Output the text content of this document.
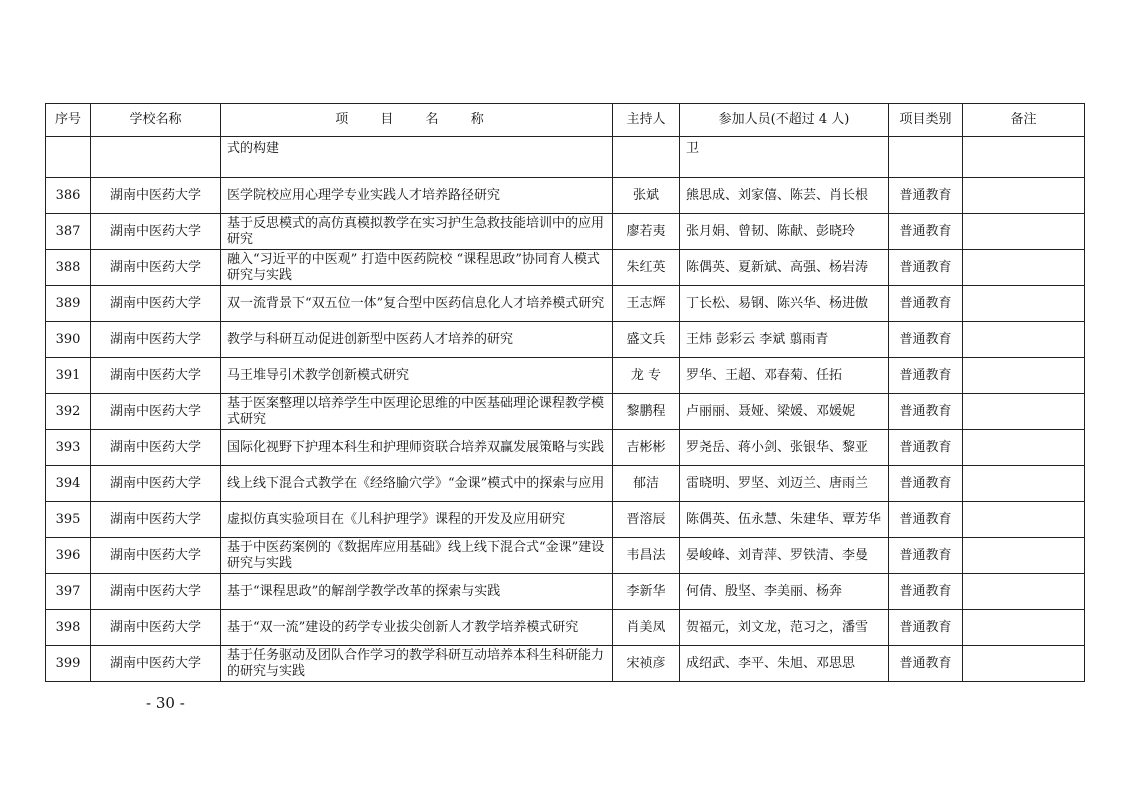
序号	学校名称	项 目 名 称	主持人	参加人员(不超过 4 人)	项目类别	备注
		式的构建		卫		
386	湖南中医药大学	医学院校应用心理学专业实践人才培养路径研究	张斌	熊思成、刘家僖、陈芸、肖长根	普通教育	
387	湖南中医药大学	基于反思模式的高仿真模拟教学在实习护生急救技能培训中的应用研究	廖若夷	张月娟、曾韧、陈献、彭晓玲	普通教育	
388	湖南中医药大学	融入“习近平的中医观” 打造中医药院校 “课程思政”协同育人模式研究与实践	朱红英	陈偶英、夏新斌、高强、杨岩涛	普通教育	
389	湖南中医药大学	双一流背景下“双五位一体”复合型中医药信息化人才培养模式研究	王志辉	丁长松、易钢、陈兴华、杨进傲	普通教育	
390	湖南中医药大学	教学与科研互动促进创新型中医药人才培养的研究	盛文兵	王炜 彭彩云 李斌 翦雨青	普通教育	
391	湖南中医药大学	马王堆导引术教学创新模式研究	龙 专	罗华、王超、邓春菊、任拓	普通教育	
392	湖南中医药大学	基于医案整理以培养学生中医理论思维的中医基础理论课程教学模式研究	黎鹏程	卢丽丽、聂娅、梁媛、邓媛妮	普通教育	
393	湖南中医药大学	国际化视野下护理本科生和护理师资联合培养双赢发展策略与实践	吉彬彬	罗尧岳、蒋小剑、张银华、黎亚	普通教育	
394	湖南中医药大学	线上线下混合式教学在《经络腧穴学》“金课”模式中的探索与应用	郁洁	雷晓明、罗坚、刘迈兰、唐雨兰	普通教育	
395	湖南中医药大学	虚拟仿真实验项目在《儿科护理学》课程的开发及应用研究	晋溶辰	陈偶英、伍永慧、朱建华、覃芳华	普通教育	
396	湖南中医药大学	基于中医药案例的《数据库应用基础》线上线下混合式“金课”建设研究与实践	韦昌法	晏峻峰、刘青萍、罗铁清、李曼	普通教育	
397	湖南中医药大学	基于“课程思政”的解剖学教学改革的探索与实践	李新华	何倩、殷坚、李美丽、杨奔	普通教育	
398	湖南中医药大学	基于“双一流”建设的药学专业拔尖创新人才教学培养模式研究	肖美凤	贺福元，刘文龙，范习之，潘雪	普通教育	
399	湖南中医药大学	基于任务驱动及团队合作学习的教学科研互动培养本科生科研能力的研究与实践	宋祯彦	成绍武、李平、朱旭、邓思思	普通教育	
- 30 -
